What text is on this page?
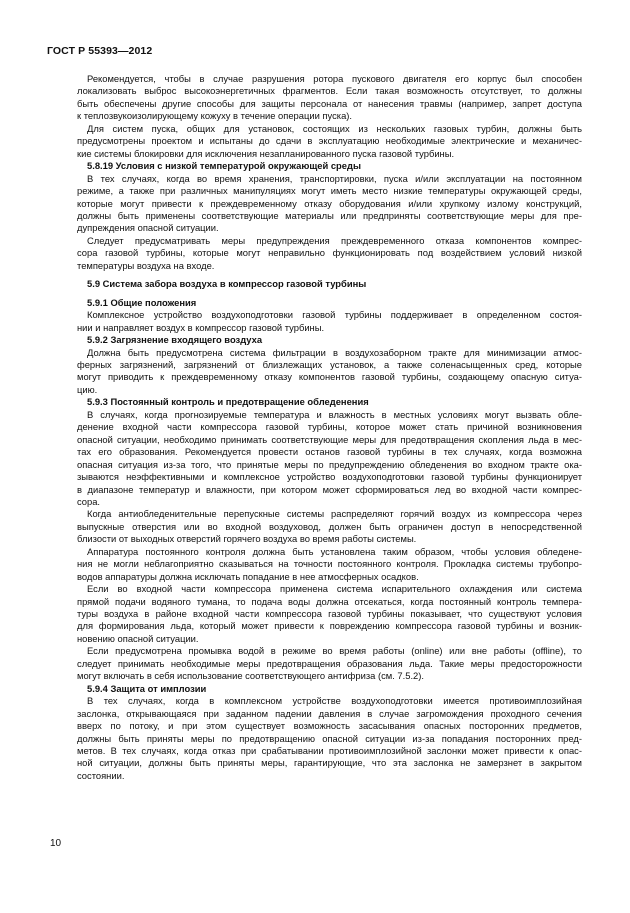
ГОСТ Р 55393—2012

Рекомендуется, чтобы в случае разрушения ротора пускового двигателя его корпус был способен
локализовать выброс высокоэнергетичных фрагментов. Если такая возможность отсутствует, то должны
быть обеспечены другие способы для защиты персонала от нанесения травмы (например, запрет доступа
к теплозвукоизолирующему кожуху в течение операции пуска).

Для систем пуска, общих для установок, состоящих из нескольких газовых турбин, должны быть
предусмотрены проектом и испытаны до сдачи в эксплуатацию необходимые электрические и механичес-
кие системы блокировки для исключения незапланированного пуска газовой турбины.

5.8.19 Условия с низкой температурой окружающей среды

В тех случаях, когда во время хранения, транспортировки, пуска и/или эксплуатации на постоянном
режиме, а также при различных манипуляциях могут иметь место низкие температуры окружающей среды,
которые могут привести к преждевременному отказу оборудования и/или хрупкому излому конструкций,
должны быть применены соответствующие материалы или предприняты соответствующие меры для пре-
дупреждения опасной ситуации.

Следует предусматривать меры предупреждения преждевременного отказа компонентов компрес-
сора газовой турбины, которые могут неправильно функционировать под воздействием условий низкой
температуры воздуха на входе.

5.9 Система забора воздуха в компрессор газовой турбины
5.9.1 Общие положения

Комплексное устройство воздухоподготовки газовой турбины поддерживает в определенном состоя-
нии и направляет воздух в компрессор газовой турбины.

5.9.2 Загрязнение входящего воздуха

Должна быть предусмотрена система фильтрации в воздухозаборном тракте для минимизации атмос-
ферных загрязнений, загрязнений от близлежащих установок, а также соленасыщенных сред, которые
могут приводить к преждевременному отказу компонентов газовой турбины, создающему опасную ситуа-
цию.

5.9.3 Постоянный контроль и предотвращение обледенения

В случаях, когда прогнозируемые температура и влажность в местных условиях могут вызвать обле-
денение входной части компрессора газовой турбины, которое может стать причиной возникновения
опасной ситуации, необходимо принимать соответствующие меры для предотвращения скопления льда в мес-
тах его образования. Рекомендуется провести останов газовой турбины в тех случаях, когда возможна
опасная ситуация из-за того, что принятые меры по предупреждению обледенения во входном тракте ока-
зываются неэффективными и комплексное устройство воздухоподготовки газовой турбины функционирует
в диапазоне температур и влажности, при котором может сформироваться лед во входной части компрес-
сора.

Когда антиобледенительные перепускные системы распределяют горячий воздух из компрессора через
выпускные отверстия или во входной воздуховод, должен быть ограничен доступ в непосредственной
близости от выходных отверстий горячего воздуха во время работы системы.

Аппаратура постоянного контроля должна быть установлена таким образом, чтобы условия обледене-
ния не могли неблагоприятно сказываться на точности постоянного контроля. Прокладка системы трубопро-
водов аппаратуры должна исключать попадание в нее атмосферных осадков.

Если во входной части компрессора применена система испарительного охлаждения или система
прямой подачи водяного тумана, то подача воды должна отсекаться, когда постоянный контроль темпера-
туры воздуха в районе входной части компрессора газовой турбины показывает, что существуют условия
для формирования льда, который может привести к повреждению компрессора газовой турбины и возник-
новению опасной ситуации.

Если предусмотрена промывка водой в режиме во время работы (online) или вне работы (offline), то
следует принимать необходимые меры предотвращения образования льда. Такие меры предосторожности
могут включать в себя использование соответствующего антифриза (см. 7.5.2).

5.9.4 Защита от имплозии

В тех случаях, когда в комплексном устройстве воздухоподготовки имеется противоимплозийная
заслонка, открывающаяся при заданном падении давления в случае загромождения проходного сечения
вверх по потоку, и при этом существует возможность засасывания опасных посторонних предметов,
должны быть приняты меры по предотвращению опасной ситуации из-за попадания посторонних пред-
метов. В тех случаях, когда отказ при срабатывании противоимплозийной заслонки может привести к опас-
ной ситуации, должны быть приняты меры, гарантирующие, что эта заслонка не замерзнет в закрытом
состоянии.

10
